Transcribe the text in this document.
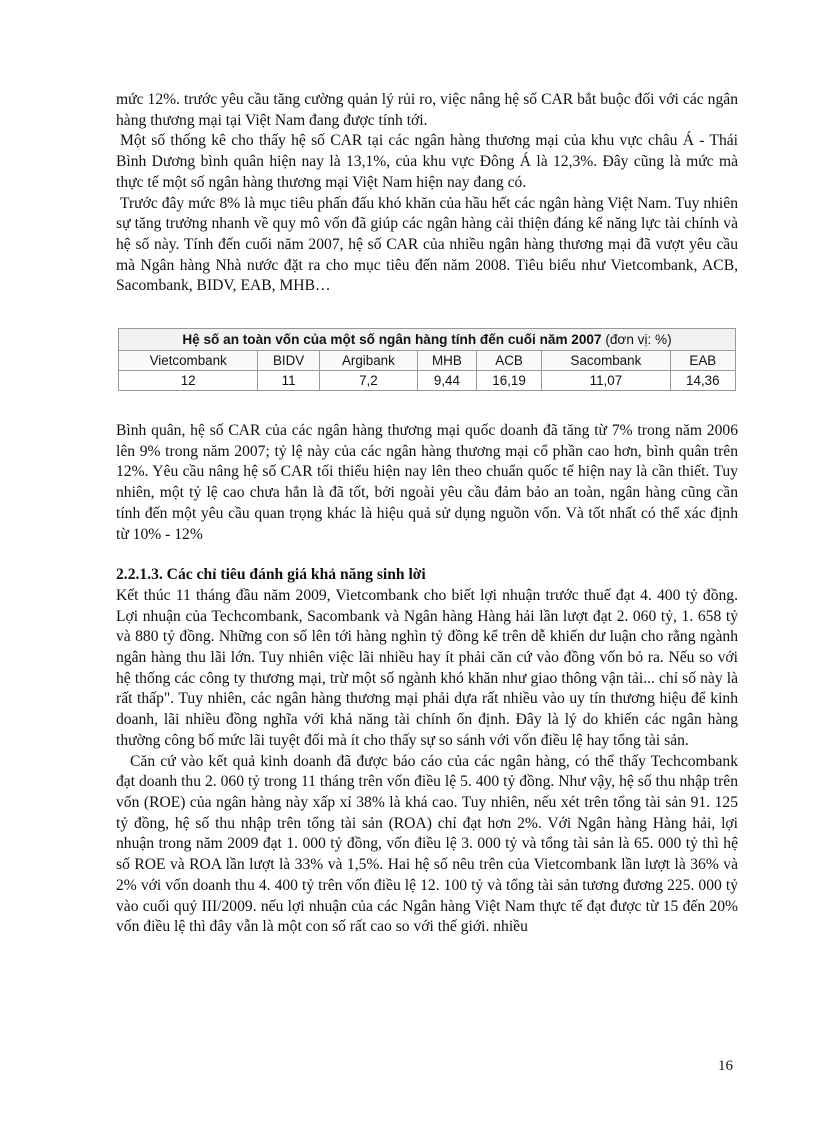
mức 12%. trước yêu cầu tăng cường quản lý rủi ro, việc nâng hệ số CAR bắt buộc đối với các ngân hàng thương mại tại Việt Nam đang được tính tới.

Một số thống kê cho thấy hệ số CAR tại các ngân hàng thương mại của khu vực châu Á - Thái Bình Dương bình quân hiện nay là 13,1%, của khu vực Đông Á là 12,3%. Đây cũng là mức mà thực tế một số ngân hàng thương mại Việt Nam hiện nay đang có.

Trước đây mức 8% là mục tiêu phấn đấu khó khăn của hầu hết các ngân hàng Việt Nam. Tuy nhiên sự tăng trưởng nhanh về quy mô vốn đã giúp các ngân hàng cải thiện đáng kể năng lực tài chính và hệ số này. Tính đến cuối năm 2007, hệ số CAR của nhiều ngân hàng thương mại đã vượt yêu cầu mà Ngân hàng Nhà nước đặt ra cho mục tiêu đến năm 2008. Tiêu biểu như Vietcombank, ACB, Sacombank, BIDV, EAB, MHB…

Hệ số an toàn vốn của một số ngân hàng tính đến cuối năm 2007 (đơn vị: %)						
Vietcombank	BIDV	Argibank	MHB	ACB	Sacombank	EAB
12	11	7,2	9,44	16,19	11,07	14,36

Bình quân, hệ số CAR của các ngân hàng thương mại quốc doanh đã tăng từ 7% trong năm 2006 lên 9% trong năm 2007; tỷ lệ này của các ngân hàng thương mại cổ phần cao hơn, bình quân trên 12%. Yêu cầu nâng hệ số CAR tối thiểu hiện nay lên theo chuẩn quốc tế hiện nay là cần thiết. Tuy nhiên, một tỷ lệ cao chưa hẳn là đã tốt, bởi ngoài yêu cầu đảm bảo an toàn, ngân hàng cũng cần tính đến một yêu cầu quan trọng khác là hiệu quả sử dụng nguồn vốn. Và tốt nhất có thể xác định từ 10% - 12%

2.2.1.3. Các chỉ tiêu đánh giá khả năng sinh lời

Kết thúc 11 tháng đầu năm 2009, Vietcombank cho biết lợi nhuận trước thuế đạt 4. 400 tỷ đồng. Lợi nhuận của Techcombank, Sacombank và Ngân hàng Hàng hải lần lượt đạt 2. 060 tỷ, 1. 658 tỷ và 880 tỷ đồng. Những con số lên tới hàng nghìn tỷ đồng kể trên dễ khiến dư luận cho rằng ngành ngân hàng thu lãi lớn. Tuy nhiên việc lãi nhiều hay ít phải căn cứ vào đồng vốn bỏ ra. Nếu so với hệ thống các công ty thương mại, trừ một số ngành khó khăn như giao thông vận tải... chỉ số này là rất thấp". Tuy nhiên, các ngân hàng thương mại phải dựa rất nhiều vào uy tín thương hiệu để kinh doanh, lãi nhiều đồng nghĩa với khả năng tài chính ổn định. Đây là lý do khiến các ngân hàng thường công bố mức lãi tuyệt đối mà ít cho thấy sự so sánh với vốn điều lệ hay tổng tài sản.

Căn cứ vào kết quả kinh doanh đã được báo cáo của các ngân hàng, có thể thấy Techcombank đạt doanh thu 2. 060 tỷ trong 11 tháng trên vốn điều lệ 5. 400 tỷ đồng. Như vậy, hệ số thu nhập trên vốn (ROE) của ngân hàng này xấp xỉ 38% là khá cao. Tuy nhiên, nếu xét trên tổng tài sản 91. 125 tỷ đồng, hệ số thu nhập trên tổng tài sản (ROA) chỉ đạt hơn 2%. Với Ngân hàng Hàng hải, lợi nhuận trong năm 2009 đạt 1. 000 tỷ đồng, vốn điều lệ 3. 000 tỷ và tổng tài sản là 65. 000 tỷ thì hệ số ROE và ROA lần lượt là 33% và 1,5%. Hai hệ số nêu trên của Vietcombank lần lượt là 36% và 2% với vốn doanh thu 4. 400 tỷ trên vốn điều lệ 12. 100 tỷ và tổng tài sản tương đương 225. 000 tỷ vào cuối quý III/2009. nếu lợi nhuận của các Ngân hàng Việt Nam thực tế đạt được từ 15 đến 20% vốn điều lệ thì đây vẫn là một con số rất cao so với thế giới. nhiều

16
